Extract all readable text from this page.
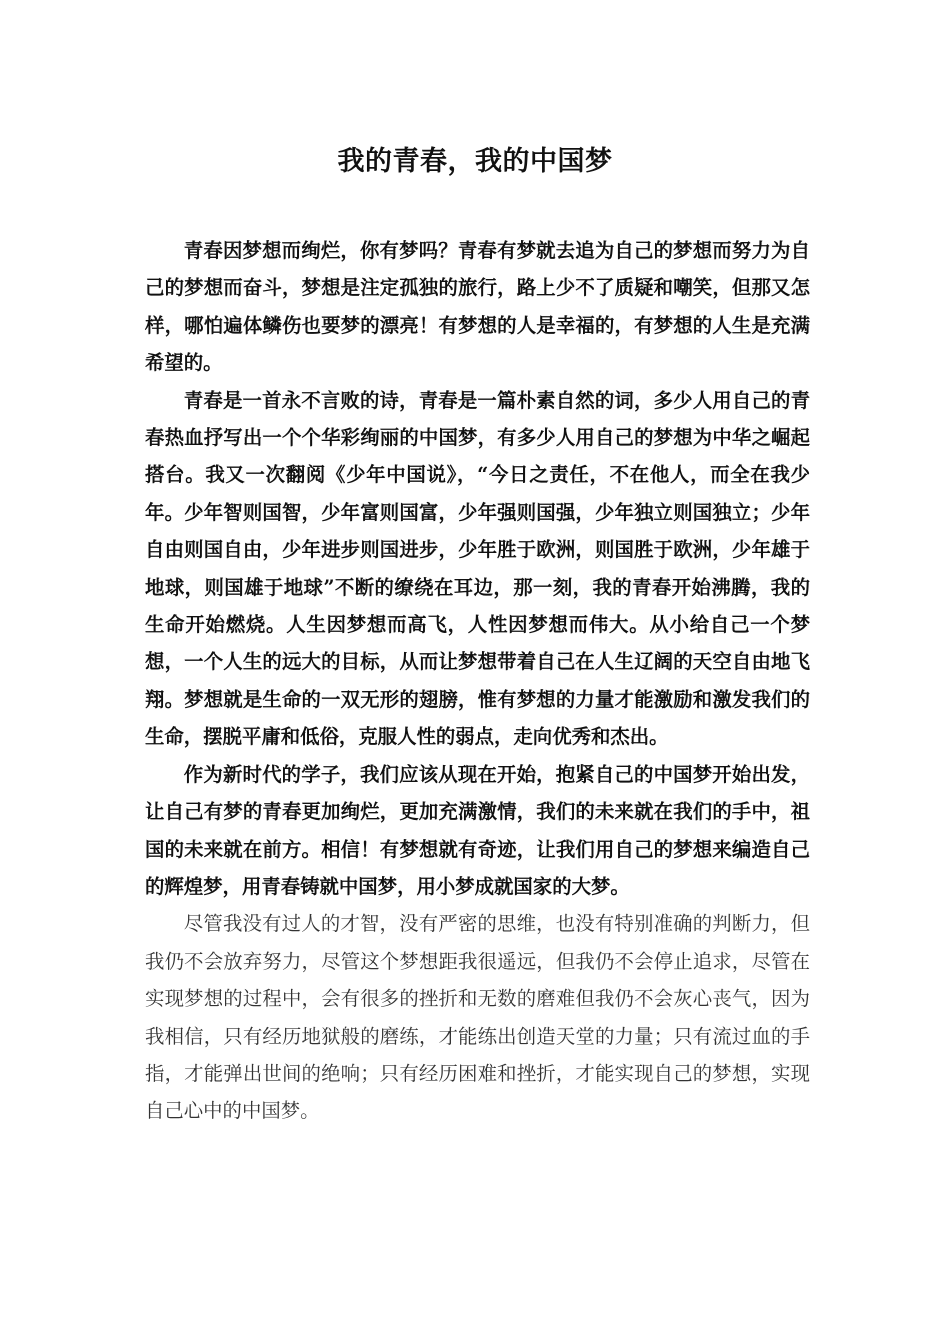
我的青春，我的中国梦

青春因梦想而绚烂，你有梦吗？青春有梦就去追为自己的梦想而努力为自己的梦想而奋斗，梦想是注定孤独的旅行，路上少不了质疑和嘲笑，但那又怎样，哪怕遍体鳞伤也要梦的漂亮！有梦想的人是幸福的，有梦想的人生是充满希望的。

青春是一首永不言败的诗，青春是一篇朴素自然的词，多少人用自己的青春热血抒写出一个个华彩绚丽的中国梦，有多少人用自己的梦想为中华之崛起搭台。我又一次翻阅《少年中国说》，“今日之责任，不在他人，而全在我少年。少年智则国智，少年富则国富，少年强则国强，少年独立则国独立；少年自由则国自由，少年进步则国进步，少年胜于欧洲，则国胜于欧洲，少年雄于地球，则国雄于地球”不断的缭绕在耳边，那一刻，我的青春开始沸腾，我的生命开始燃烧。人生因梦想而高飞，人性因梦想而伟大。从小给自己一个梦想，一个人生的远大的目标，从而让梦想带着自己在人生辽阔的天空自由地飞翔。梦想就是生命的一双无形的翅膀，惟有梦想的力量才能激励和激发我们的生命，摆脱平庸和低俗，克服人性的弱点，走向优秀和杰出。

作为新时代的学子，我们应该从现在开始，抱紧自己的中国梦开始出发，让自己有梦的青春更加绚烂，更加充满激情，我们的未来就在我们的手中，祖国的未来就在前方。相信！有梦想就有奇迹，让我们用自己的梦想来编造自己的辉煌梦，用青春铸就中国梦，用小梦成就国家的大梦。

尽管我没有过人的才智，没有严密的思维，也没有特别准确的判断力，但我仍不会放弃努力，尽管这个梦想距我很遥远，但我仍不会停止追求，尽管在实现梦想的过程中，会有很多的挫折和无数的磨难但我仍不会灰心丧气，因为我相信，只有经历地狱般的磨练，才能练出创造天堂的力量；只有流过血的手指，才能弹出世间的绝响；只有经历困难和挫折，才能实现自己的梦想，实现自己心中的中国梦。
